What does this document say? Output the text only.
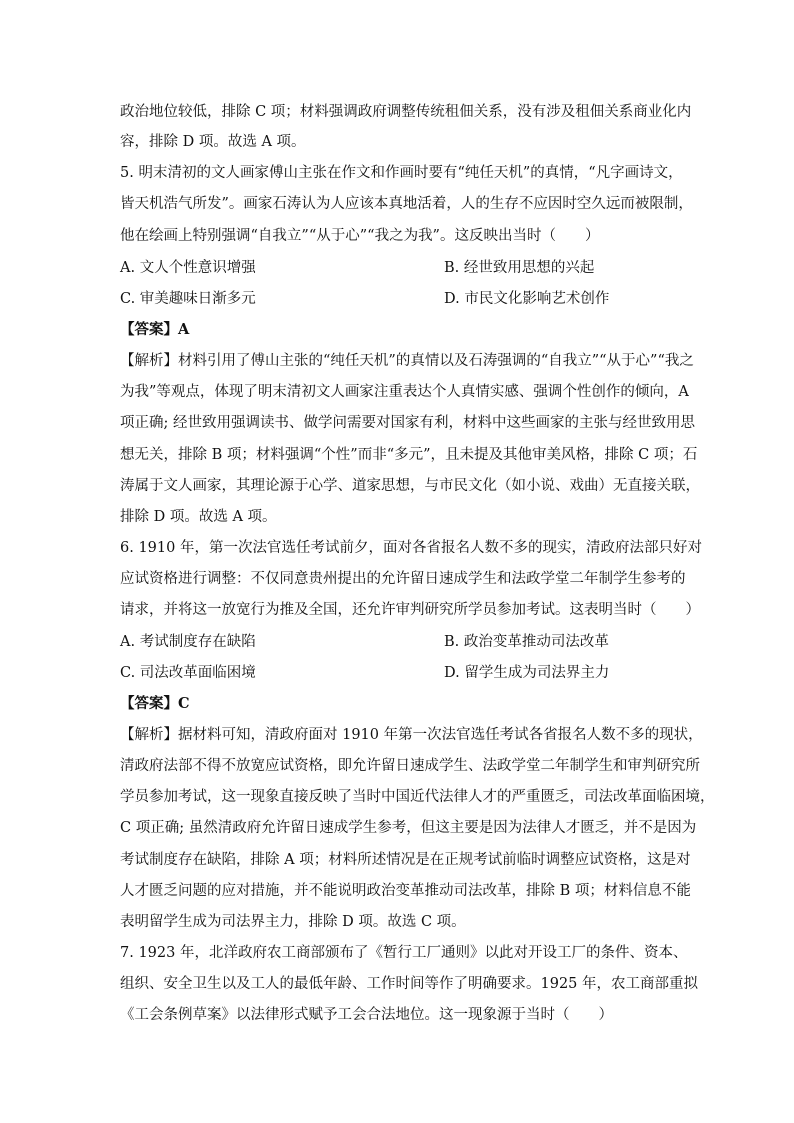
政治地位较低，排除 C 项；材料强调政府调整传统租佃关系，没有涉及租佃关系商业化内
容，排除 D 项。故选 A 项。
5. 明末清初的文人画家傅山主张在作文和作画时要有“纯任天机”的真情，“凡字画诗文，
皆天机浩气所发”。画家石涛认为人应该本真地活着，人的生存不应因时空久远而被限制，
他在绘画上特别强调“自我立”“从于心”“我之为我”。这反映出当时（　　）
A. 文人个性意识增强	B. 经世致用思想的兴起
C. 审美趣味日渐多元	D. 市民文化影响艺术创作
【答案】A
【解析】材料引用了傅山主张的“纯任天机”的真情以及石涛强调的“自我立”“从于心”“我之
为我”等观点，体现了明末清初文人画家注重表达个人真情实感、强调个性创作的倾向，A
项正确; 经世致用强调读书、做学问需要对国家有利，材料中这些画家的主张与经世致用思
想无关，排除 B 项；材料强调“个性”而非“多元”，且未提及其他审美风格，排除 C 项；石
涛属于文人画家，其理论源于心学、道家思想，与市民文化（如小说、戏曲）无直接关联，
排除 D 项。故选 A 项。
6. 1910 年，第一次法官选任考试前夕，面对各省报名人数不多的现实，清政府法部只好对
应试资格进行调整：不仅同意贵州提出的允许留日速成学生和法政学堂二年制学生参考的
请求，并将这一放宽行为推及全国，还允许审判研究所学员参加考试。这表明当时（　　）
A. 考试制度存在缺陷	B. 政治变革推动司法改革
C. 司法改革面临困境	D. 留学生成为司法界主力
【答案】C
【解析】据材料可知，清政府面对 1910 年第一次法官选任考试各省报名人数不多的现状，
清政府法部不得不放宽应试资格，即允许留日速成学生、法政学堂二年制学生和审判研究所
学员参加考试，这一现象直接反映了当时中国近代法律人才的严重匮乏，司法改革面临困境，
C 项正确; 虽然清政府允许留日速成学生参考，但这主要是因为法律人才匮乏，并不是因为
考试制度存在缺陷，排除 A 项；材料所述情况是在正规考试前临时调整应试资格，这是对
人才匮乏问题的应对措施，并不能说明政治变革推动司法改革，排除 B 项；材料信息不能
表明留学生成为司法界主力，排除 D 项。故选 C 项。
7. 1923 年，北洋政府农工商部颁布了《暂行工厂通则》以此对开设工厂的条件、资本、
组织、安全卫生以及工人的最低年龄、工作时间等作了明确要求。1925 年，农工商部重拟
《工会条例草案》以法律形式赋予工会合法地位。这一现象源于当时（　　）
